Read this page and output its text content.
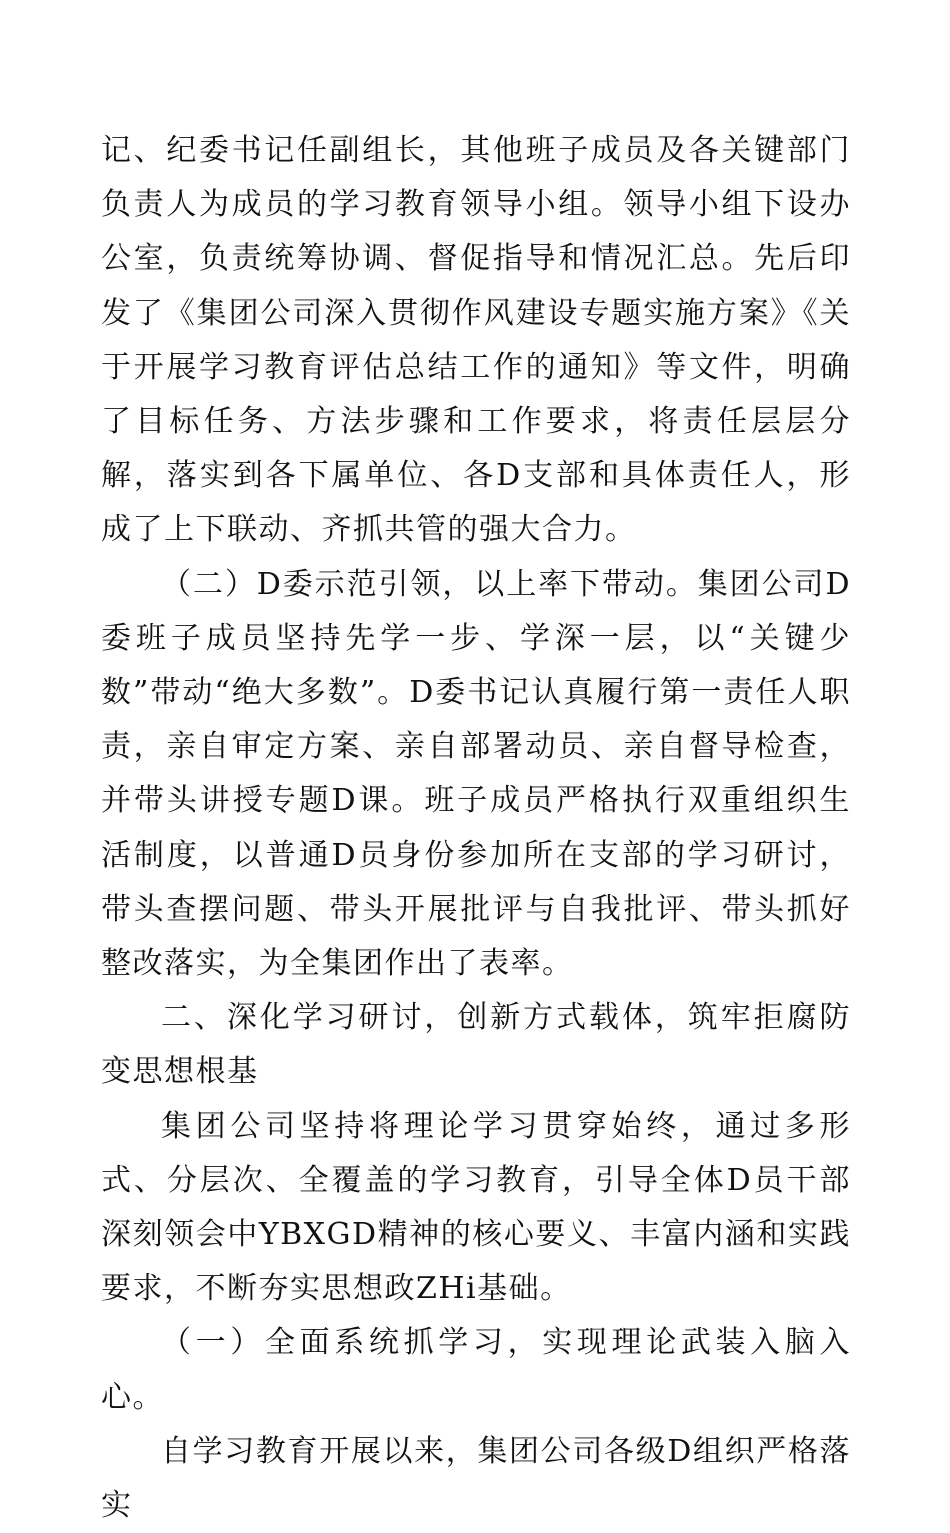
记、纪委书记任副组长，其他班子成员及各关键部门负责人为成员的学习教育领导小组。领导小组下设办公室，负责统筹协调、督促指导和情况汇总。先后印发了《集团公司深入贯彻作风建设专题实施方案》《关于开展学习教育评估总结工作的通知》等文件，明确了目标任务、方法步骤和工作要求，将责任层层分解，落实到各下属单位、各D支部和具体责任人，形成了上下联动、齐抓共管的强大合力。

（二）D委示范引领，以上率下带动。集团公司D委班子成员坚持先学一步、学深一层，以“关键少数”带动“绝大多数”。D委书记认真履行第一责任人职责，亲自审定方案、亲自部署动员、亲自督导检查，并带头讲授专题D课。班子成员严格执行双重组织生活制度，以普通D员身份参加所在支部的学习研讨，带头查摆问题、带头开展批评与自我批评、带头抓好整改落实，为全集团作出了表率。

二、深化学习研讨，创新方式载体，筑牢拒腐防变思想根基

集团公司坚持将理论学习贯穿始终，通过多形式、分层次、全覆盖的学习教育，引导全体D员干部深刻领会中YBXGD精神的核心要义、丰富内涵和实践要求，不断夯实思想政ZHi基础。

（一）全面系统抓学习，实现理论武装入脑入心。

自学习教育开展以来，集团公司各级D组织严格落实
